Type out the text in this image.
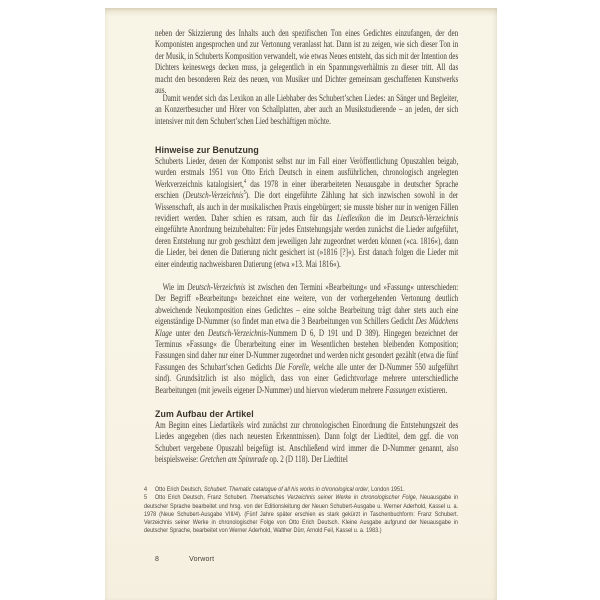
neben der Skizzierung des Inhalts auch den spezifischen Ton eines Gedichtes einzufangen, der den Komponisten angesprochen und zur Vertonung veranlasst hat. Dann ist zu zeigen, wie sich dieser Ton in der Musik, in Schuberts Komposition verwandelt, wie etwas Neues entsteht, das sich mit der Intention des Dichters keineswegs decken muss, ja gelegentlich in ein Spannungsverhältnis zu dieser tritt. All das macht den besonderen Reiz des neuen, von Musiker und Dichter gemeinsam geschaffenen Kunstwerks aus.
Damit wendet sich das Lexikon an alle Liebhaber des Schubert’schen Liedes: an Sänger und Begleiter, an Konzertbesucher und Hörer von Schallplatten, aber auch an Musikstudierende – an jeden, der sich intensiver mit dem Schubert’schen Lied beschäftigen möchte.
Hinweise zur Benutzung
Schuberts Lieder, denen der Komponist selbst nur im Fall einer Veröffentlichung Opuszahlen beigab, wurden erstmals 1951 von Otto Erich Deutsch in einem ausführlichen, chronologisch angelegten Werkverzeichnis katalogisiert,$^4$ das 1978 in einer überarbeiteten Neuausgabe in deutscher Sprache erschien (Deutsch-Verzeichnis$^5$). Die dort eingeführte Zählung hat sich inzwischen sowohl in der Wissenschaft, als auch in der musikalischen Praxis eingebürgert; sie musste bisher nur in wenigen Fällen revidiert werden. Daher schien es ratsam, auch für das Liedlexikon die im Deutsch-Verzeichnis eingeführte Anordnung beizubehalten: Für jedes Entstehungsjahr werden zunächst die Lieder aufgeführt, deren Entstehung nur grob geschätzt dem jeweiligen Jahr zugeordnet werden können (»ca. 1816«), dann die Lieder, bei denen die Datierung nicht gesichert ist (»1816 [?]«). Erst danach folgen die Lieder mit einer eindeutig nachweisbaren Datierung (etwa »13. Mai 1816«).
Wie im Deutsch-Verzeichnis ist zwischen den Termini »Bearbeitung« und »Fassung« unterschieden: Der Begriff »Bearbeitung« bezeichnet eine weitere, von der vorhergehenden Vertonung deutlich abweichende Neukomposition eines Gedichtes – eine solche Bearbeitung trägt daher stets auch eine eigenständige D-Nummer (so findet man etwa die 3 Bearbeitungen von Schillers Gedicht Des Mädchens Klage unter den Deutsch-Verzeichnis-Nummern D 6, D 191 und D 389). Hingegen bezeichnet der Terminus »Fassung« die Überarbeitung einer im Wesentlichen bestehen bleibenden Komposition; Fassungen sind daher nur einer D-Nummer zugeordnet und werden nicht gesondert gezählt (etwa die fünf Fassungen des Schubart’schen Gedichts Die Forelle, welche alle unter der D-Nummer 550 aufgeführt sind). Grundsätzlich ist also möglich, dass von einer Gedichtvorlage mehrere unterschiedliche Bearbeitungen (mit jeweils eigener D-Nummer) und hiervon wiederum mehrere Fassungen existieren.
Zum Aufbau der Artikel
Am Beginn eines Liedartikels wird zunächst zur chronologischen Einordnung die Entstehungszeit des Liedes angegeben (dies nach neuesten Erkenntnissen). Dann folgt der Liedtitel, dem ggf. die von Schubert vergebene Opuszahl beigefügt ist. Anschließend wird immer die D-Nummer genannt, also beispielsweise: Gretchen am Spinnrade op. 2 (D 118). Der Liedtitel
4 Otto Erich Deutsch, Schubert. Thematic catalogue of all his works in chronological order, London 1951.
5 Otto Erich Deutsch, Franz Schubert. Thematisches Verzeichnis seiner Werke in chronologischer Folge, Neuausgabe in deutscher Sprache bearbeitet und hrsg. von der Editionsleitung der Neuen Schubert-Ausgabe u. Werner Aderhold, Kassel u. a. 1978 (Neue Schubert-Ausgabe VIII/4). (Fünf Jahre später erschien es stark gekürzt in Taschenbuchform: Franz Schubert. Verzeichnis seiner Werke in chronologischer Folge von Otto Erich Deutsch. Kleine Ausgabe aufgrund der Neuausgabe in deutscher Sprache, bearbeitet von Werner Aderhold, Walther Dürr, Arnold Feil, Kassel u. a. 1983.)
8	Vorwort
